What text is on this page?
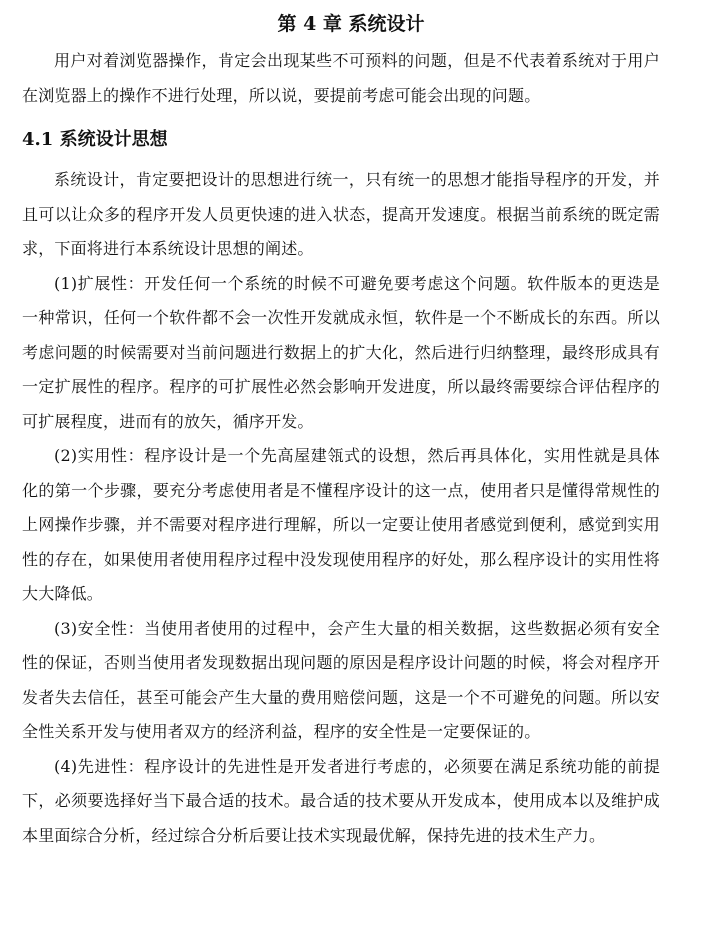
第 4 章 系统设计

用户对着浏览器操作，肯定会出现某些不可预料的问题，但是不代表着系统对于用户在浏览器上的操作不进行处理，所以说，要提前考虑可能会出现的问题。

4.1 系统设计思想

系统设计，肯定要把设计的思想进行统一，只有统一的思想才能指导程序的开发，并且可以让众多的程序开发人员更快速的进入状态，提高开发速度。根据当前系统的既定需求，下面将进行本系统设计思想的阐述。

(1)扩展性：开发任何一个系统的时候不可避免要考虑这个问题。软件版本的更迭是一种常识，任何一个软件都不会一次性开发就成永恒，软件是一个不断成长的东西。所以考虑问题的时候需要对当前问题进行数据上的扩大化，然后进行归纳整理，最终形成具有一定扩展性的程序。程序的可扩展性必然会影响开发进度，所以最终需要综合评估程序的可扩展程度，进而有的放矢，循序开发。

(2)实用性：程序设计是一个先高屋建瓴式的设想，然后再具体化，实用性就是具体化的第一个步骤，要充分考虑使用者是不懂程序设计的这一点，使用者只是懂得常规性的上网操作步骤，并不需要对程序进行理解，所以一定要让使用者感觉到便利，感觉到实用性的存在，如果使用者使用程序过程中没发现使用程序的好处，那么程序设计的实用性将大大降低。

(3)安全性：当使用者使用的过程中，会产生大量的相关数据，这些数据必须有安全性的保证，否则当使用者发现数据出现问题的原因是程序设计问题的时候，将会对程序开发者失去信任，甚至可能会产生大量的费用赔偿问题，这是一个不可避免的问题。所以安全性关系开发与使用者双方的经济利益，程序的安全性是一定要保证的。

(4)先进性：程序设计的先进性是开发者进行考虑的，必须要在满足系统功能的前提下，必须要选择好当下最合适的技术。最合适的技术要从开发成本，使用成本以及维护成本里面综合分析，经过综合分析后要让技术实现最优解，保持先进的技术生产力。
